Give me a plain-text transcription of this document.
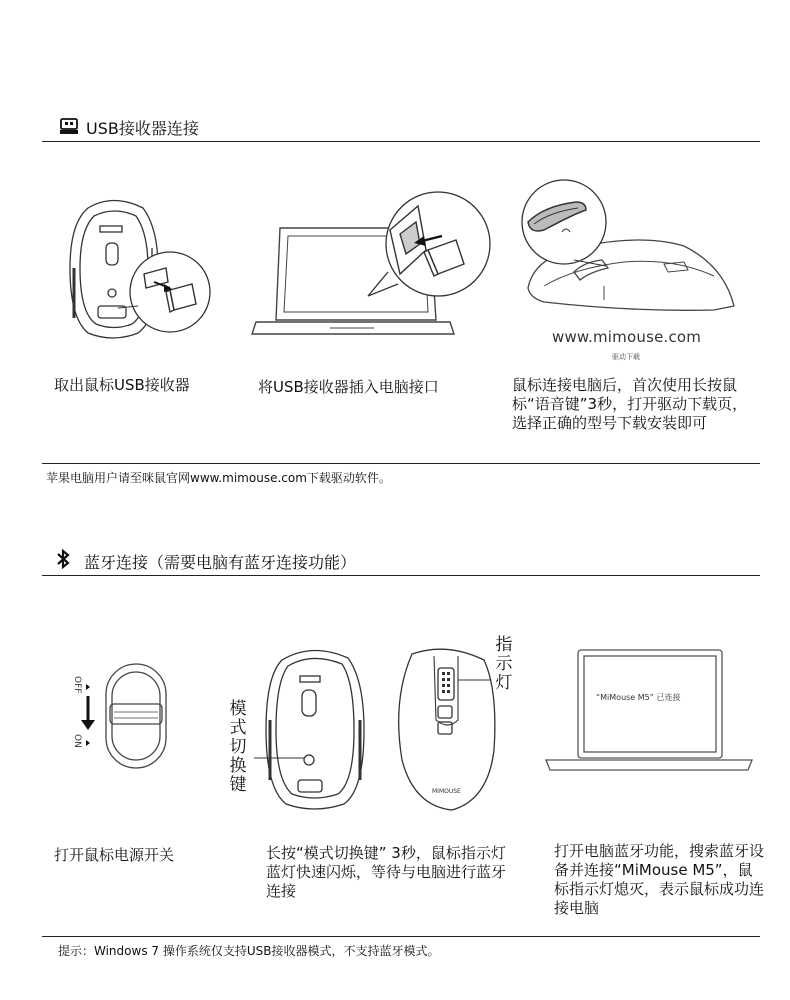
USB接收器连接
www.mimouse.com
驱动下载
取出鼠标USB接收器	将USB接收器插入电脑接口	鼠标连接电脑后，首次使用长按鼠标“语音键”3秒，打开驱动下载页，选择正确的型号下载安装即可
苹果电脑用户请至咪鼠官网www.mimouse.com下载驱动软件。
蓝牙连接（需要电脑有蓝牙连接功能）
OFF
ON
MIMOUSE
模式切换键
指示灯
“MiMouse M5” 已连接
打开鼠标电源开关	长按“模式切换键” 3秒，鼠标指示灯蓝灯快速闪烁，等待与电脑进行蓝牙连接
打开电脑蓝牙功能，搜索蓝牙设备并连接“MiMouse M5”，鼠标指示灯熄灭，表示鼠标成功连接电脑
提示：Windows 7 操作系统仅支持USB接收器模式，不支持蓝牙模式。
